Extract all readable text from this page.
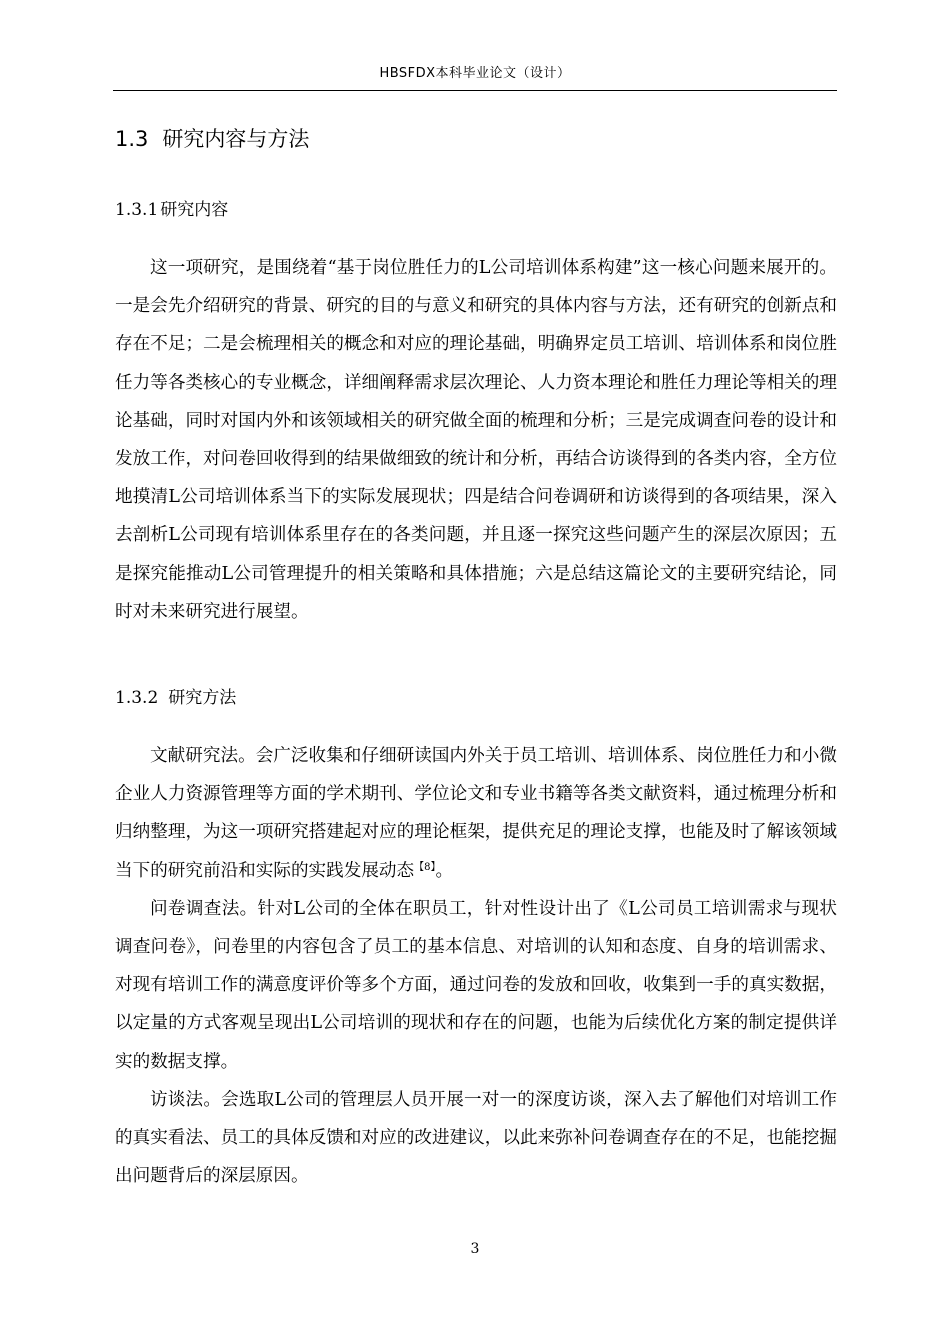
HBSFDX本科毕业论文（设计）
1.3 研究内容与方法
1.3.1 研究内容

这一项研究，是围绕着“基于岗位胜任力的L公司培训体系构建”这一核心问题来展开的。一是会先介绍研究的背景、研究的目的与意义和研究的具体内容与方法，还有研究的创新点和存在不足；二是会梳理相关的概念和对应的理论基础，明确界定员工培训、培训体系和岗位胜任力等各类核心的专业概念，详细阐释需求层次理论、人力资本理论和胜任力理论等相关的理论基础，同时对国内外和该领域相关的研究做全面的梳理和分析；三是完成调查问卷的设计和发放工作，对问卷回收得到的结果做细致的统计和分析，再结合访谈得到的各类内容，全方位地摸清L公司培训体系当下的实际发展现状；四是结合问卷调研和访谈得到的各项结果，深入去剖析L公司现有培训体系里存在的各类问题，并且逐一探究这些问题产生的深层次原因；五是探究能推动L公司管理提升的相关策略和具体措施；六是总结这篇论文的主要研究结论，同时对未来研究进行展望。

1.3.2 研究方法

文献研究法。会广泛收集和仔细研读国内外关于员工培训、培训体系、岗位胜任力和小微企业人力资源管理等方面的学术期刊、学位论文和专业书籍等各类文献资料，通过梳理分析和归纳整理，为这一项研究搭建起对应的理论框架，提供充足的理论支撑，也能及时了解该领域当下的研究前沿和实际的实践发展动态$^{【8】}$。

问卷调查法。针对L公司的全体在职员工，针对性设计出了《L公司员工培训需求与现状调查问卷》，问卷里的内容包含了员工的基本信息、对培训的认知和态度、自身的培训需求、对现有培训工作的满意度评价等多个方面，通过问卷的发放和回收，收集到一手的真实数据，以定量的方式客观呈现出L公司培训的现状和存在的问题，也能为后续优化方案的制定提供详实的数据支撑。

访谈法。会选取L公司的管理层人员开展一对一的深度访谈，深入去了解他们对培训工作的真实看法、员工的具体反馈和对应的改进建议，以此来弥补问卷调查存在的不足，也能挖掘出问题背后的深层原因。

3
